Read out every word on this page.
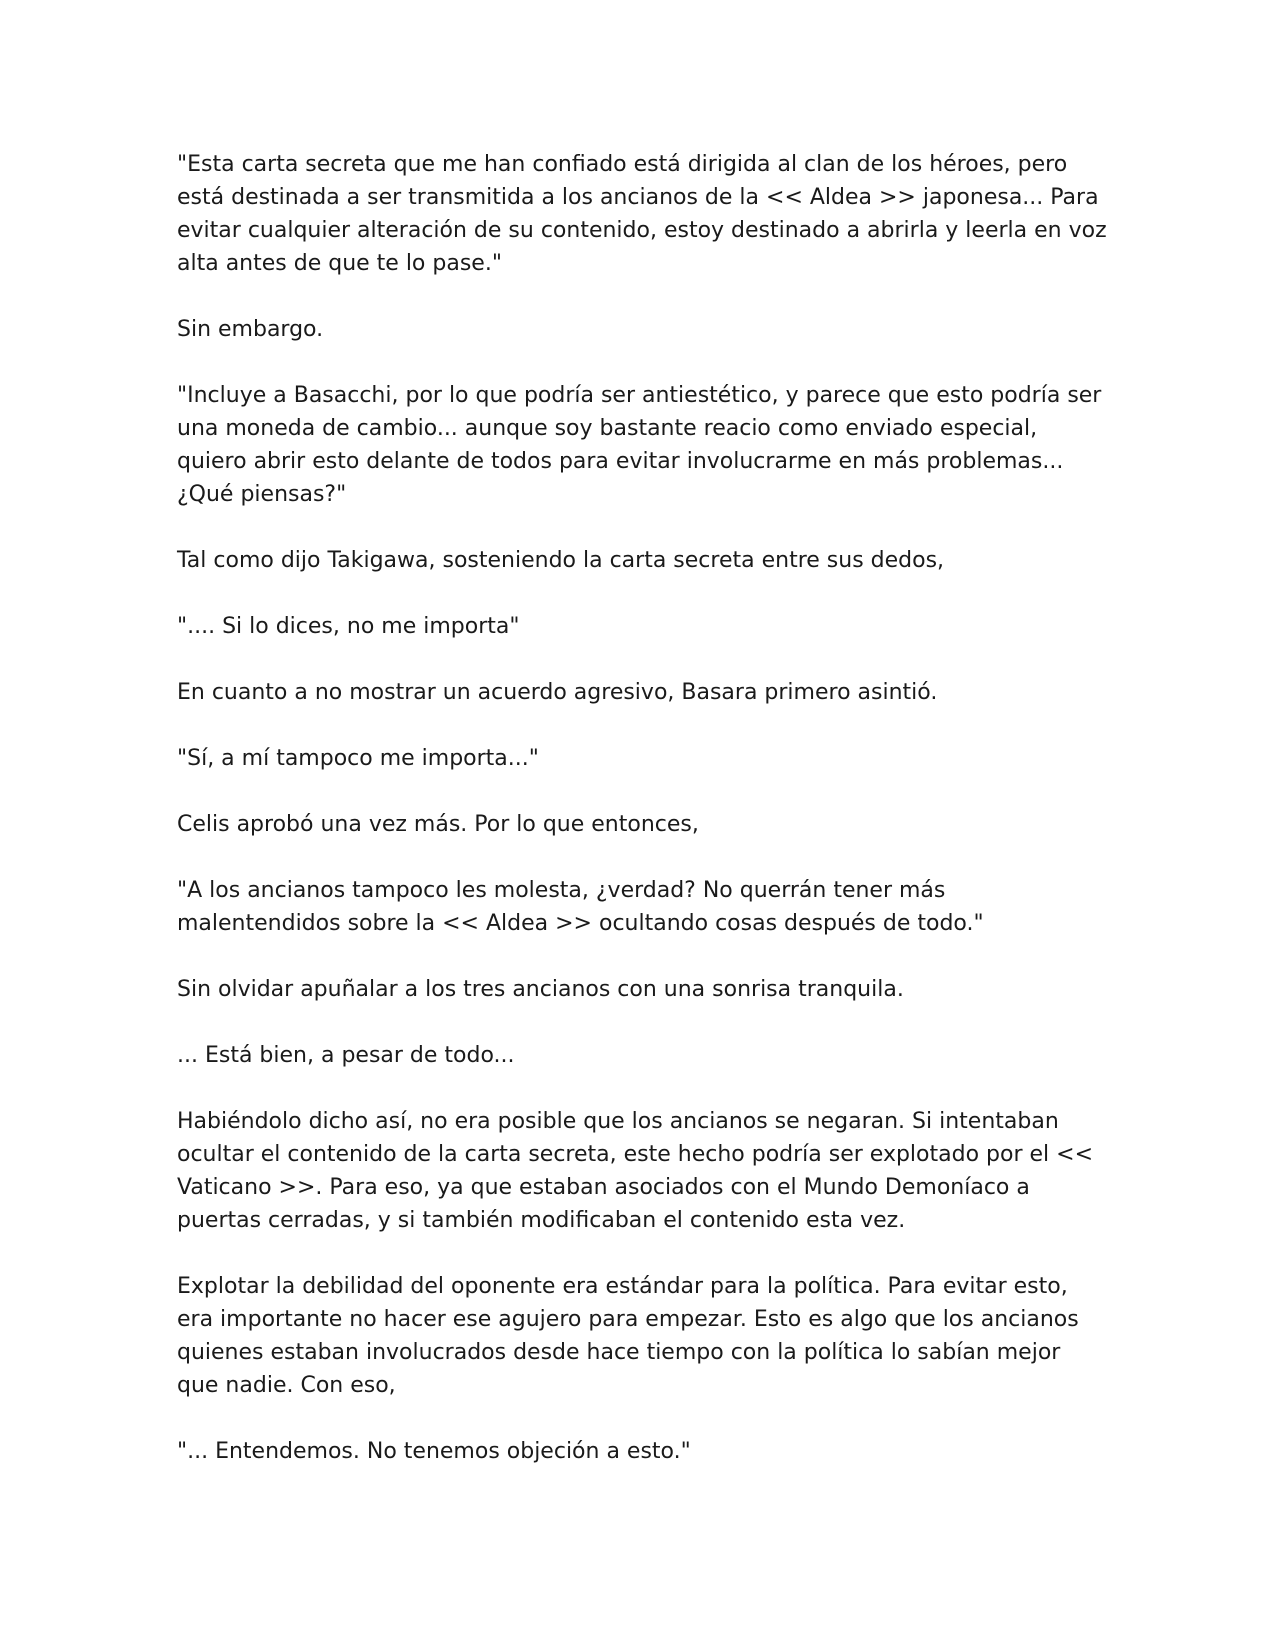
"Esta carta secreta que me han confiado está dirigida al clan de los héroes, pero está destinada a ser transmitida a los ancianos de la << Aldea >> japonesa... Para evitar cualquier alteración de su contenido, estoy destinado a abrirla y leerla en voz alta antes de que te lo pase."

Sin embargo.

"Incluye a Basacchi, por lo que podría ser antiestético, y parece que esto podría ser una moneda de cambio... aunque soy bastante reacio como enviado especial, quiero abrir esto delante de todos para evitar involucrarme en más problemas... ¿Qué piensas?"

Tal como dijo Takigawa, sosteniendo la carta secreta entre sus dedos,

".... Si lo dices, no me importa"

En cuanto a no mostrar un acuerdo agresivo, Basara primero asintió.

"Sí, a mí tampoco me importa..."

Celis aprobó una vez más. Por lo que entonces,

"A los ancianos tampoco les molesta, ¿verdad? No querrán tener más malentendidos sobre la << Aldea >> ocultando cosas después de todo."

Sin olvidar apuñalar a los tres ancianos con una sonrisa tranquila.

... Está bien, a pesar de todo...

Habiéndolo dicho así, no era posible que los ancianos se negaran. Si intentaban ocultar el contenido de la carta secreta, este hecho podría ser explotado por el << Vaticano >>. Para eso, ya que estaban asociados con el Mundo Demoníaco a puertas cerradas, y si también modificaban el contenido esta vez.

Explotar la debilidad del oponente era estándar para la política. Para evitar esto, era importante no hacer ese agujero para empezar. Esto es algo que los ancianos quienes estaban involucrados desde hace tiempo con la política lo sabían mejor que nadie. Con eso,

"... Entendemos. No tenemos objeción a esto."
